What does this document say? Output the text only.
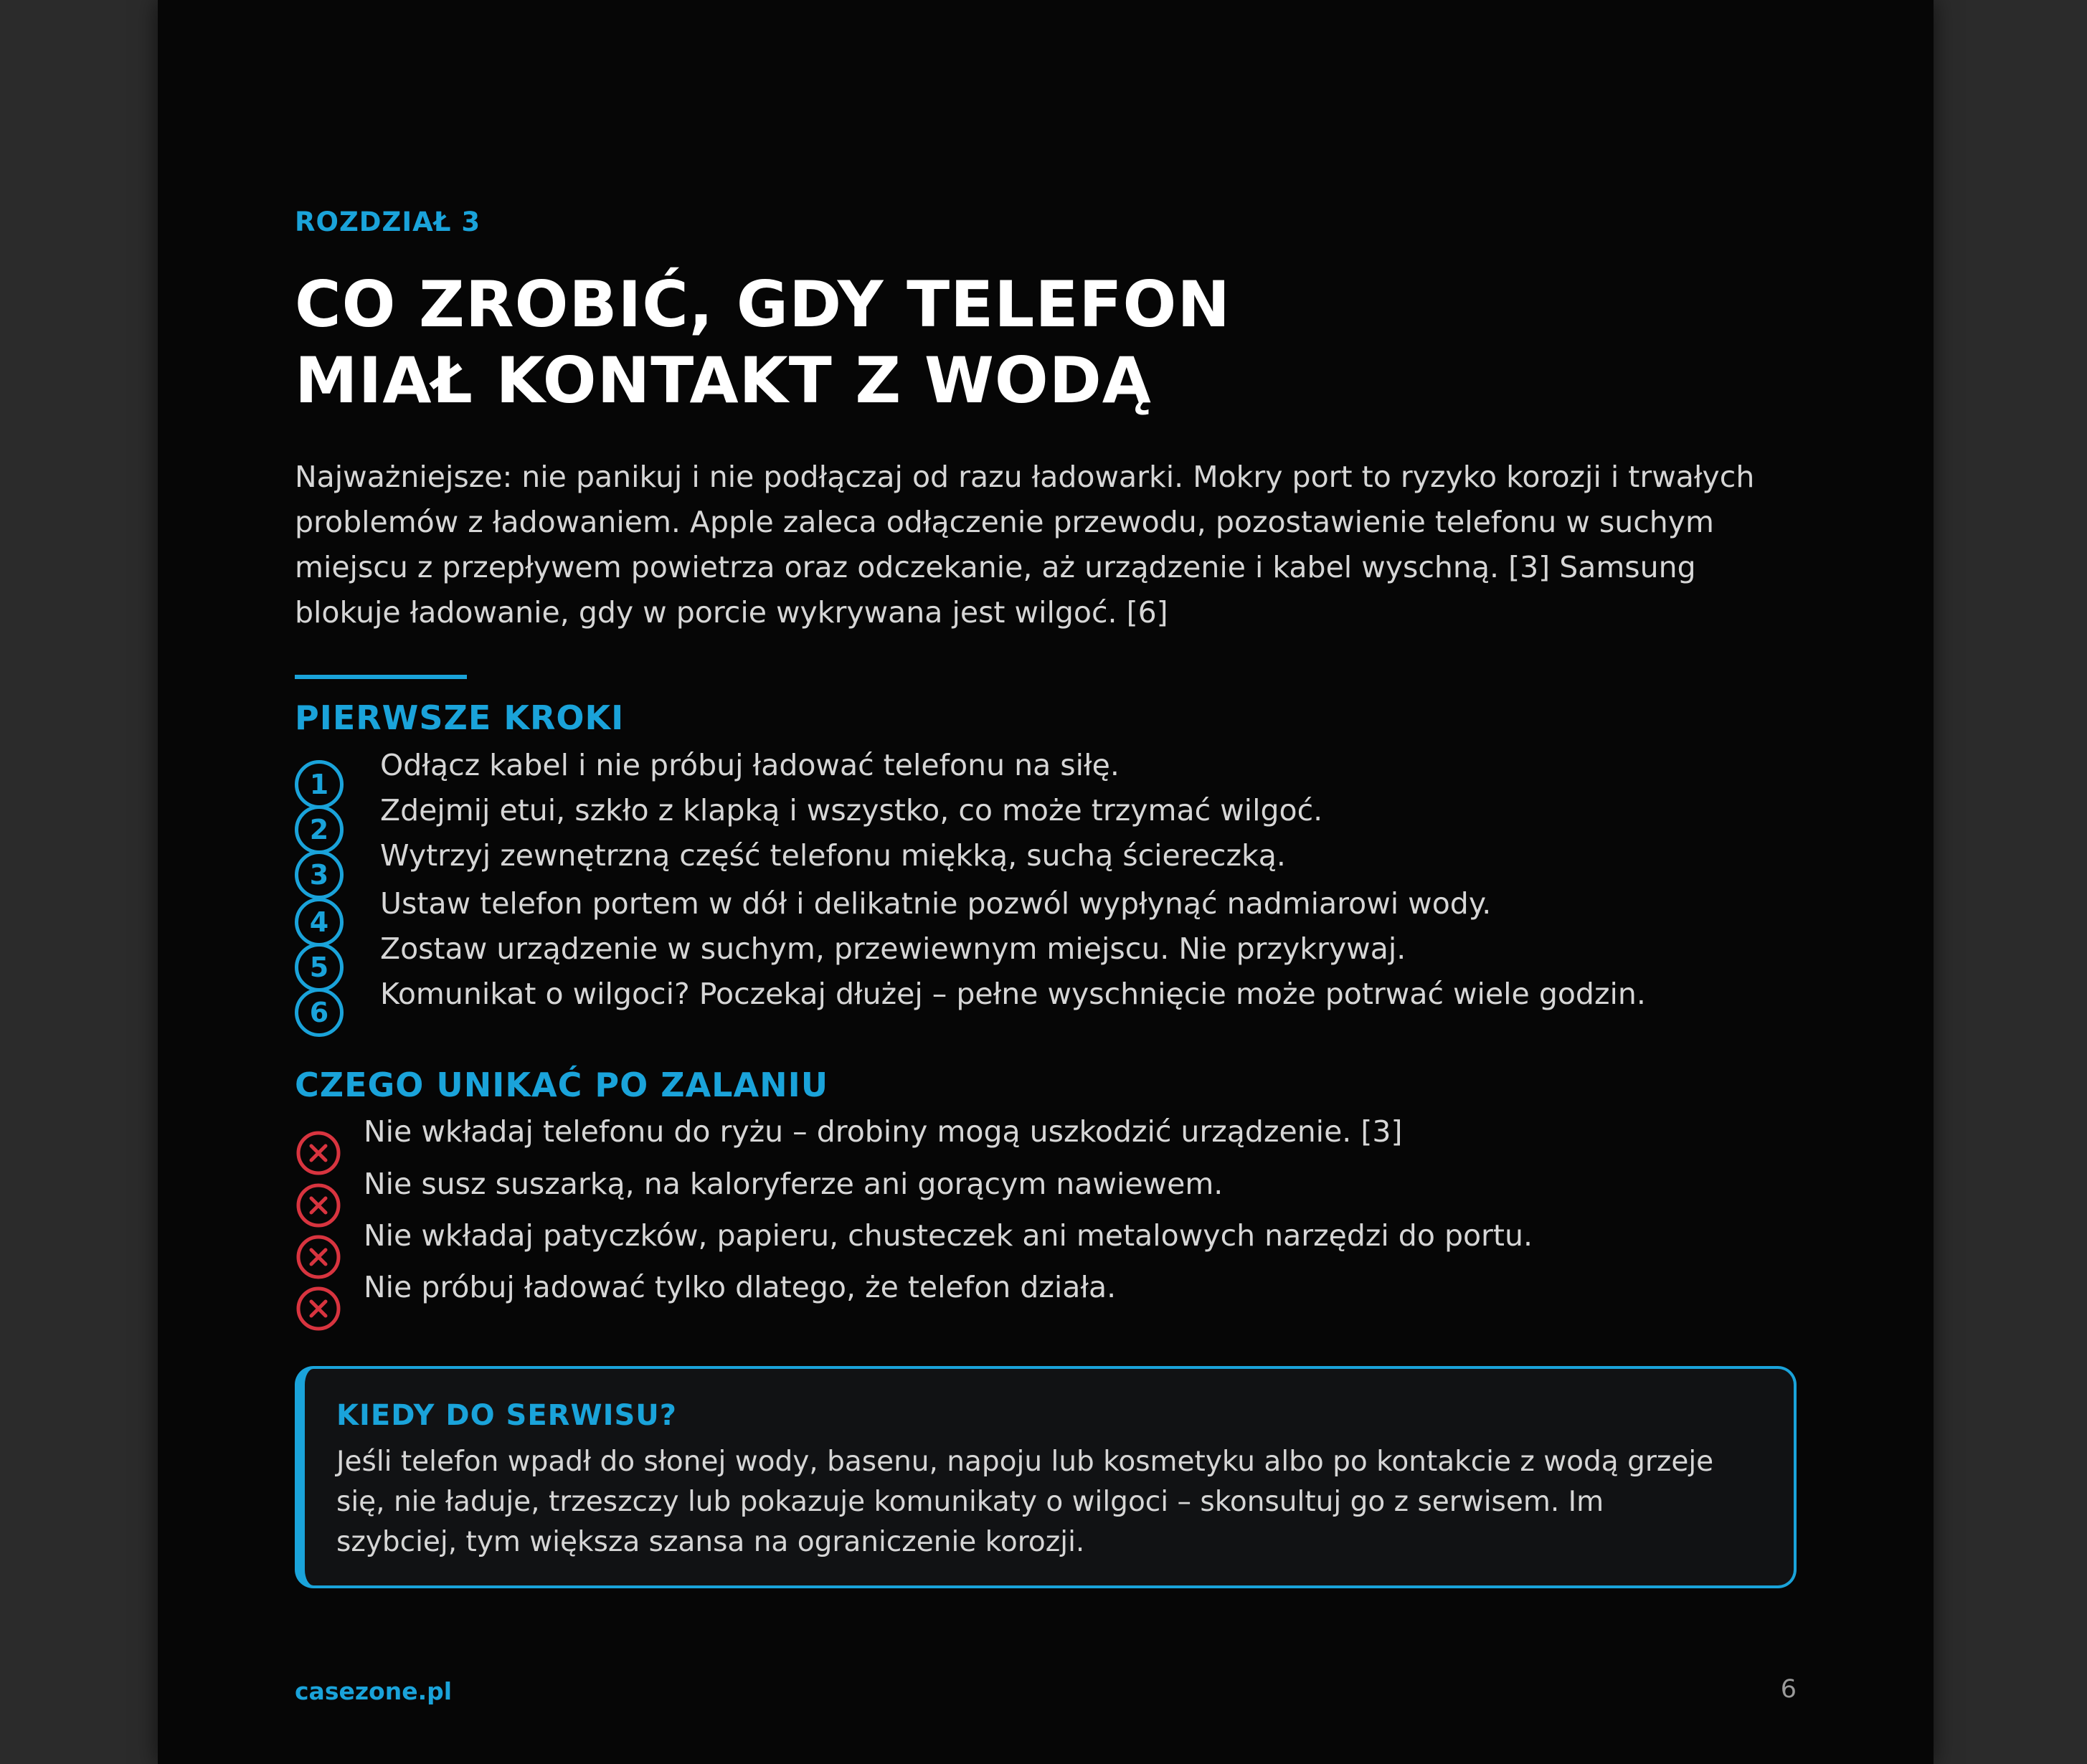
ROZDZIAŁ 3
CO ZROBIĆ, GDY TELEFON
MIAŁ KONTAKT Z WODĄ
Najważniejsze: nie panikuj i nie podłączaj od razu ładowarki. Mokry port to ryzyko korozji i trwałych
problemów z ładowaniem. Apple zaleca odłączenie przewodu, pozostawienie telefonu w suchym
miejscu z przepływem powietrza oraz odczekanie, aż urządzenie i kabel wyschną. [3] Samsung
blokuje ładowanie, gdy w porcie wykrywana jest wilgoć. [6]
PIERWSZE KROKI
1
Odłącz kabel i nie próbuj ładować telefonu na siłę.
2
Zdejmij etui, szkło z klapką i wszystko, co może trzymać wilgoć.
3
Wytrzyj zewnętrzną część telefonu miękką, suchą ściereczką.
4
Ustaw telefon portem w dół i delikatnie pozwól wypłynąć nadmiarowi wody.
5
Zostaw urządzenie w suchym, przewiewnym miejscu. Nie przykrywaj.
6
Komunikat o wilgoci? Poczekaj dłużej – pełne wyschnięcie może potrwać wiele godzin.
CZEGO UNIKAĆ PO ZALANIU
Nie wkładaj telefonu do ryżu – drobiny mogą uszkodzić urządzenie. [3]
Nie susz suszarką, na kaloryferze ani gorącym nawiewem.
Nie wkładaj patyczków, papieru, chusteczek ani metalowych narzędzi do portu.
Nie próbuj ładować tylko dlatego, że telefon działa.
KIEDY DO SERWISU?
Jeśli telefon wpadł do słonej wody, basenu, napoju lub kosmetyku albo po kontakcie z wodą grzeje
się, nie ładuje, trzeszczy lub pokazuje komunikaty o wilgoci – skonsultuj go z serwisem. Im
szybciej, tym większa szansa na ograniczenie korozji.
casezone.pl	6
